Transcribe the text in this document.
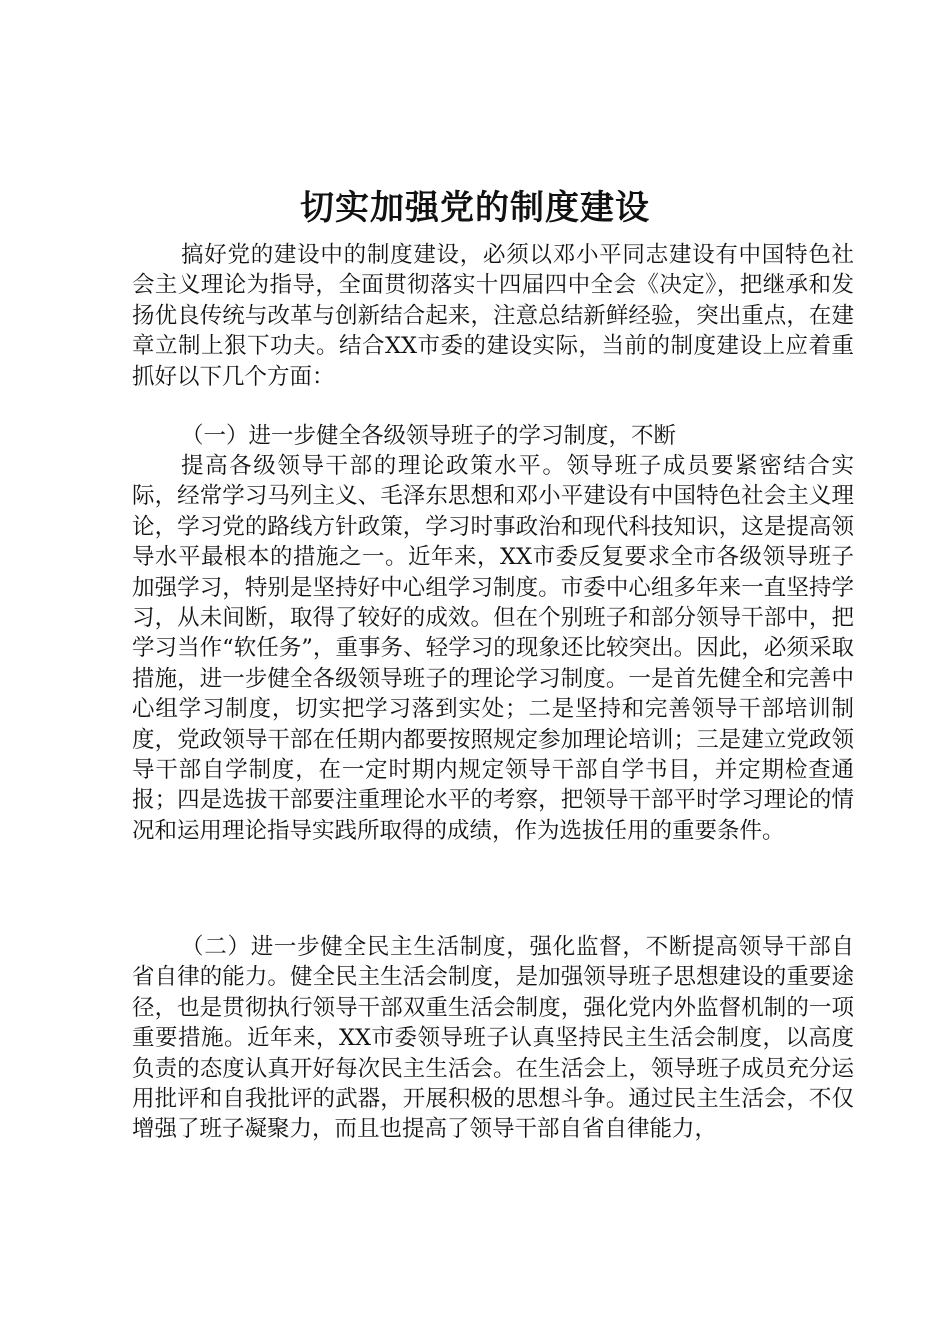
切实加强党的制度建设

搞好党的建设中的制度建设，必须以邓小平同志建设有中国特色社会主义理论为指导，全面贯彻落实十四届四中全会《决定》，把继承和发扬优良传统与改革与创新结合起来，注意总结新鲜经验，突出重点，在建章立制上狠下功夫。结合XX市委的建设实际，当前的制度建设上应着重抓好以下几个方面：

（一）进一步健全各级领导班子的学习制度，不断

提高各级领导干部的理论政策水平。领导班子成员要紧密结合实际，经常学习马列主义、毛泽东思想和邓小平建设有中国特色社会主义理论，学习党的路线方针政策，学习时事政治和现代科技知识，这是提高领导水平最根本的措施之一。近年来，XX市委反复要求全市各级领导班子加强学习，特别是坚持好中心组学习制度。市委中心组多年来一直坚持学习，从未间断，取得了较好的成效。但在个别班子和部分领导干部中，把学习当作“软任务”，重事务、轻学习的现象还比较突出。因此，必须采取措施，进一步健全各级领导班子的理论学习制度。一是首先健全和完善中心组学习制度，切实把学习落到实处；二是坚持和完善领导干部培训制度，党政领导干部在任期内都要按照规定参加理论培训；三是建立党政领导干部自学制度，在一定时期内规定领导干部自学书目，并定期检查通报；四是选拔干部要注重理论水平的考察，把领导干部平时学习理论的情况和运用理论指导实践所取得的成绩，作为选拔任用的重要条件。

（二）进一步健全民主生活制度，强化监督，不断提高领导干部自省自律的能力。健全民主生活会制度，是加强领导班子思想建设的重要途径，也是贯彻执行领导干部双重生活会制度，强化党内外监督机制的一项重要措施。近年来，XX市委领导班子认真坚持民主生活会制度，以高度负责的态度认真开好每次民主生活会。在生活会上，领导班子成员充分运用批评和自我批评的武器，开展积极的思想斗争。通过民主生活会，不仅增强了班子凝聚力，而且也提高了领导干部自省自律能力，
